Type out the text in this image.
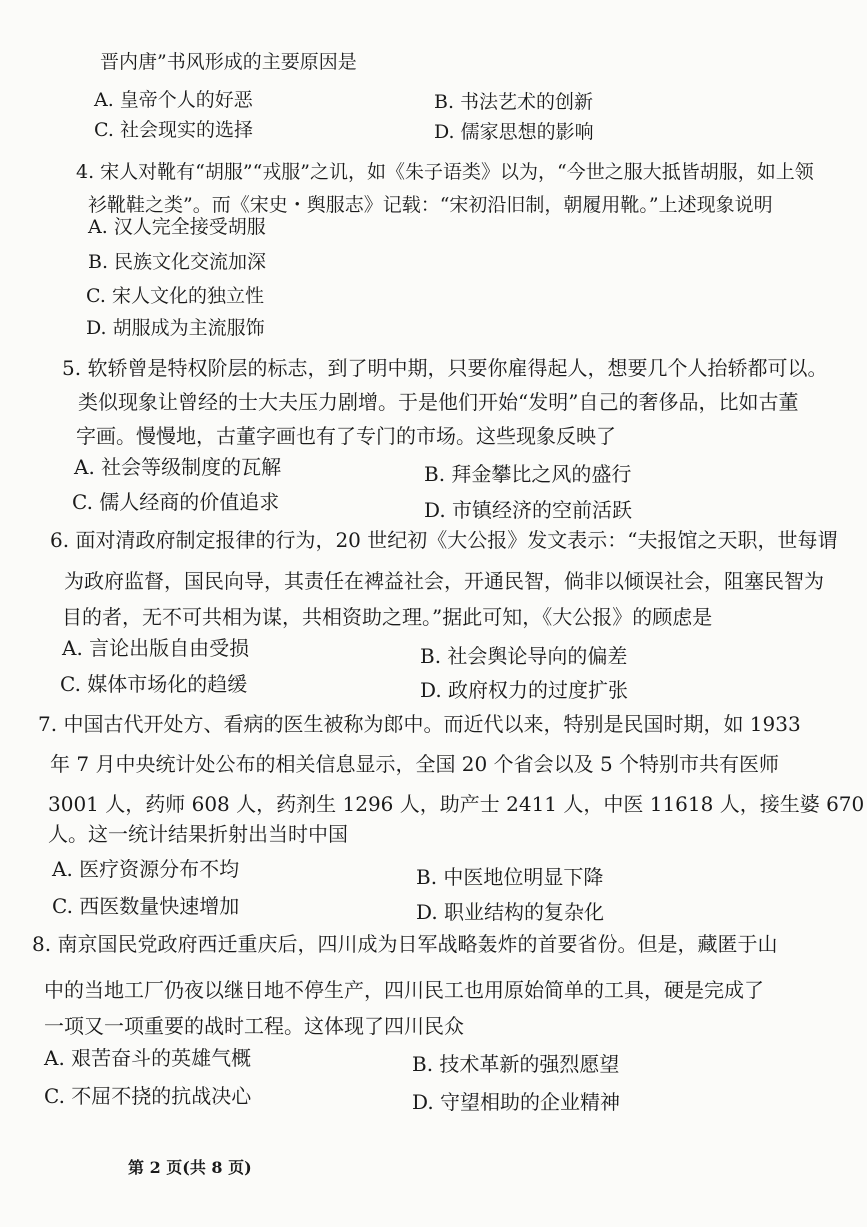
晋内唐”书风形成的主要原因是
A. 皇帝个人的好恶	B. 书法艺术的创新
C. 社会现实的选择	D. 儒家思想的影响
4. 宋人对靴有“胡服”“戎服”之讥，如《朱子语类》以为，“今世之服大抵皆胡服，如上领
衫靴鞋之类”。而《宋史・舆服志》记载：“宋初沿旧制，朝履用靴。”上述现象说明
A. 汉人完全接受胡服
B. 民族文化交流加深
C. 宋人文化的独立性
D. 胡服成为主流服饰
5. 软轿曾是特权阶层的标志，到了明中期，只要你雇得起人，想要几个人抬轿都可以。
类似现象让曾经的士大夫压力剧增。于是他们开始“发明”自己的奢侈品，比如古董
字画。慢慢地，古董字画也有了专门的市场。这些现象反映了
A. 社会等级制度的瓦解	B. 拜金攀比之风的盛行
C. 儒人经商的价值追求	D. 市镇经济的空前活跃
6. 面对清政府制定报律的行为，20 世纪初《大公报》发文表示：“夫报馆之天职，世每谓
为政府监督，国民向导，其责任在裨益社会，开通民智，倘非以倾误社会，阻塞民智为
目的者，无不可共相为谋，共相资助之理。”据此可知，《大公报》的顾虑是
A. 言论出版自由受损	B. 社会舆论导向的偏差
C. 媒体市场化的趋缓	D. 政府权力的过度扩张
7. 中国古代开处方、看病的医生被称为郎中。而近代以来，特别是民国时期，如 1933
年 7 月中央统计处公布的相关信息显示，全国 20 个省会以及 5 个特别市共有医师
3001 人，药师 608 人，药剂生 1296 人，助产士 2411 人，中医 11618 人，接生婆 670
人。这一统计结果折射出当时中国
A. 医疗资源分布不均	B. 中医地位明显下降
C. 西医数量快速增加	D. 职业结构的复杂化
8. 南京国民党政府西迁重庆后，四川成为日军战略轰炸的首要省份。但是，藏匿于山
中的当地工厂仍夜以继日地不停生产，四川民工也用原始简单的工具，硬是完成了
一项又一项重要的战时工程。这体现了四川民众
A. 艰苦奋斗的英雄气概	B. 技术革新的强烈愿望
C. 不屈不挠的抗战决心	D. 守望相助的企业精神
第 2 页(共 8 页)
